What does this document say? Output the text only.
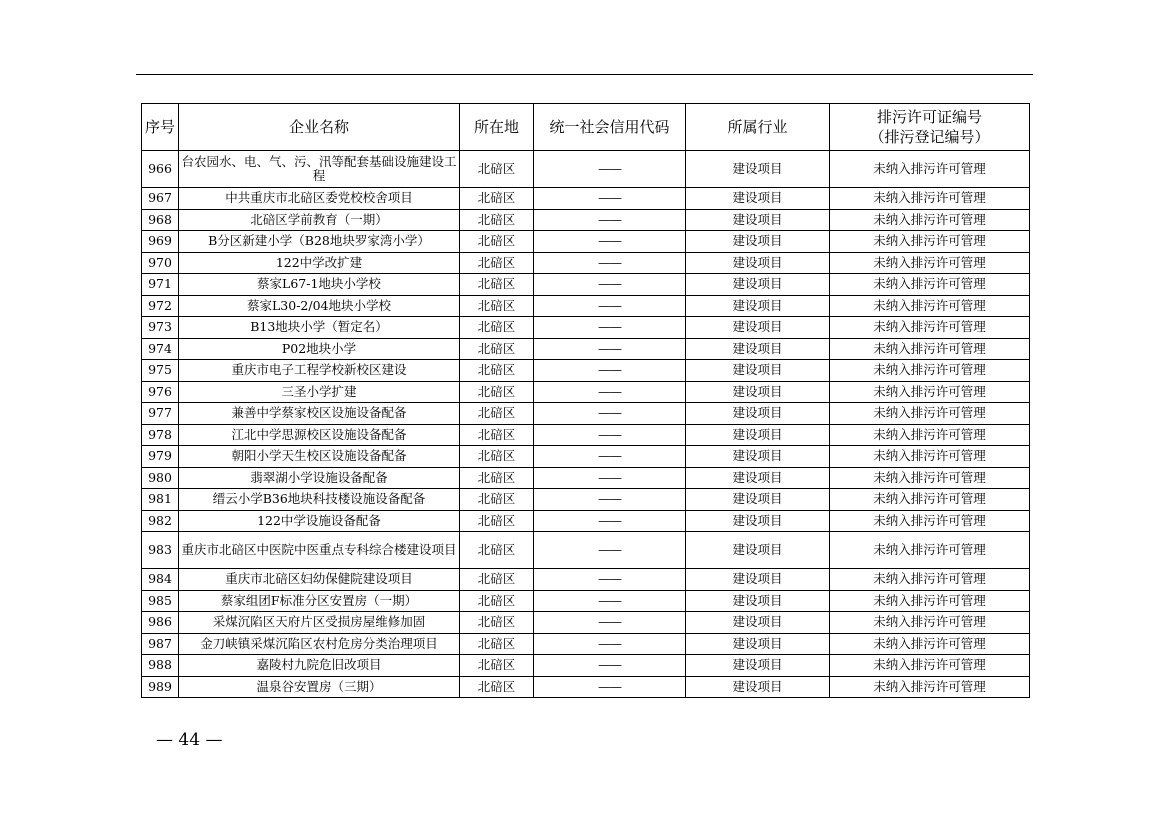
序号	企业名称	所在地	统一社会信用代码	所属行业	排污许可证编号
（排污登记编号）

966	台农园水、电、气、污、汛等配套基础设施建设工程	北碚区	——	建设项目	未纳入排污许可管理
967	中共重庆市北碚区委党校校舍项目	北碚区	——	建设项目	未纳入排污许可管理
968	北碚区学前教育（一期）	北碚区	——	建设项目	未纳入排污许可管理
969	B分区新建小学（B28地块罗家湾小学）	北碚区	——	建设项目	未纳入排污许可管理
970	122中学改扩建	北碚区	——	建设项目	未纳入排污许可管理
971	蔡家L67-1地块小学校	北碚区	——	建设项目	未纳入排污许可管理
972	蔡家L30-2/04地块小学校	北碚区	——	建设项目	未纳入排污许可管理
973	B13地块小学（暂定名）	北碚区	——	建设项目	未纳入排污许可管理
974	P02地块小学	北碚区	——	建设项目	未纳入排污许可管理
975	重庆市电子工程学校新校区建设	北碚区	——	建设项目	未纳入排污许可管理
976	三圣小学扩建	北碚区	——	建设项目	未纳入排污许可管理
977	兼善中学蔡家校区设施设备配备	北碚区	——	建设项目	未纳入排污许可管理
978	江北中学思源校区设施设备配备	北碚区	——	建设项目	未纳入排污许可管理
979	朝阳小学天生校区设施设备配备	北碚区	——	建设项目	未纳入排污许可管理
980	翡翠湖小学设施设备配备	北碚区	——	建设项目	未纳入排污许可管理
981	缙云小学B36地块科技楼设施设备配备	北碚区	——	建设项目	未纳入排污许可管理
982	122中学设施设备配备	北碚区	——	建设项目	未纳入排污许可管理
983	重庆市北碚区中医院中医重点专科综合楼建设项目	北碚区	——	建设项目	未纳入排污许可管理
984	重庆市北碚区妇幼保健院建设项目	北碚区	——	建设项目	未纳入排污许可管理
985	蔡家组团F标准分区安置房（一期）	北碚区	——	建设项目	未纳入排污许可管理
986	采煤沉陷区天府片区受损房屋维修加固	北碚区	——	建设项目	未纳入排污许可管理
987	金刀峡镇采煤沉陷区农村危房分类治理项目	北碚区	——	建设项目	未纳入排污许可管理
988	嘉陵村九院危旧改项目	北碚区	——	建设项目	未纳入排污许可管理
989	温泉谷安置房（三期）	北碚区	——	建设项目	未纳入排污许可管理
— 44 —
